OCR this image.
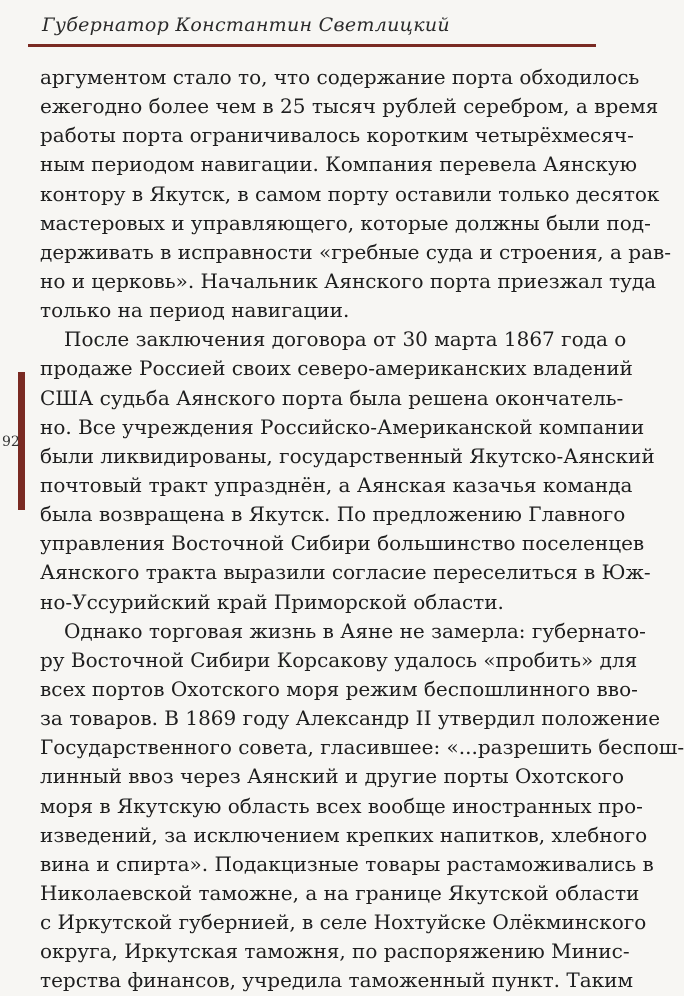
Губернатор Константин Светлицкий
92
аргументом стало то, что содержание порта обходилось
ежегодно более чем в 25 тысяч рублей серебром, а время
работы порта ограничивалось коротким четырёхмесяч-
ным периодом навигации. Компания перевела Аянскую
контору в Якутск, в самом порту оставили только десяток
мастеровых и управляющего, которые должны были под-
держивать в исправности «гребные суда и строения, а рав-
но и церковь». Начальник Аянского порта приезжал туда
только на период навигации.
После заключения договора от 30 марта 1867 года о
продаже Россией своих северо-американских владений
США судьба Аянского порта была решена окончатель-
но. Все учреждения Российско-Американской компании
были ликвидированы, государственный Якутско-Аянский
почтовый тракт упразднён, а Аянская казачья команда
была возвращена в Якутск. По предложению Главного
управления Восточной Сибири большинство поселенцев
Аянского тракта выразили согласие переселиться в Юж-
но-Уссурийский край Приморской области.
Однако торговая жизнь в Аяне не замерла: губернато-
ру Восточной Сибири Корсакову удалось «пробить» для
всех портов Охотского моря режим беспошлинного вво-
за товаров. В 1869 году Александр II утвердил положение
Государственного совета, гласившее: «...разрешить беспош-
линный ввоз через Аянский и другие порты Охотского
моря в Якутскую область всех вообще иностранных про-
изведений, за исключением крепких напитков, хлебного
вина и спирта». Подакцизные товары растаможивались в
Николаевской таможне, а на границе Якутской области
с Иркутской губернией, в селе Нохтуйске Олёкминского
округа, Иркутская таможня, по распоряжению Минис-
терства финансов, учредила таможенный пункт. Таким
